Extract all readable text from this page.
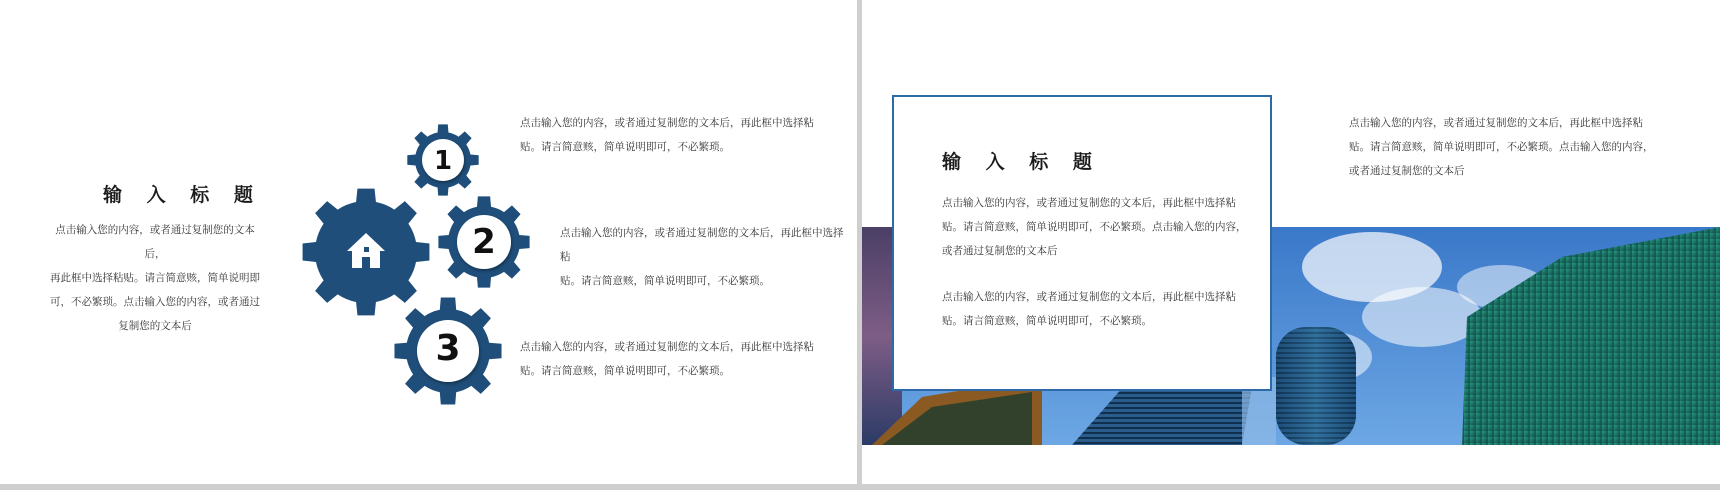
输 入 标 题
点击输入您的内容，或者通过复制您的文本后，
再此框中选择粘贴。请言简意赅，简单说明即
可，不必繁琐。点击输入您的内容，或者通过
复制您的文本后
1
2
3
点击输入您的内容，或者通过复制您的文本后，再此框中选择粘
贴。请言简意赅，简单说明即可，不必繁琐。
点击输入您的内容，或者通过复制您的文本后，再此框中选择粘
贴。请言简意赅，简单说明即可，不必繁琐。
点击输入您的内容，或者通过复制您的文本后，再此框中选择粘
贴。请言简意赅，简单说明即可，不必繁琐。
输 入 标 题
点击输入您的内容，或者通过复制您的文本后，再此框中选择粘
贴。请言简意赅，简单说明即可，不必繁琐。点击输入您的内容，
或者通过复制您的文本后
点击输入您的内容，或者通过复制您的文本后，再此框中选择粘
贴。请言简意赅，简单说明即可，不必繁琐。
点击输入您的内容，或者通过复制您的文本后，再此框中选择粘
贴。请言简意赅，简单说明即可，不必繁琐。点击输入您的内容，
或者通过复制您的文本后
